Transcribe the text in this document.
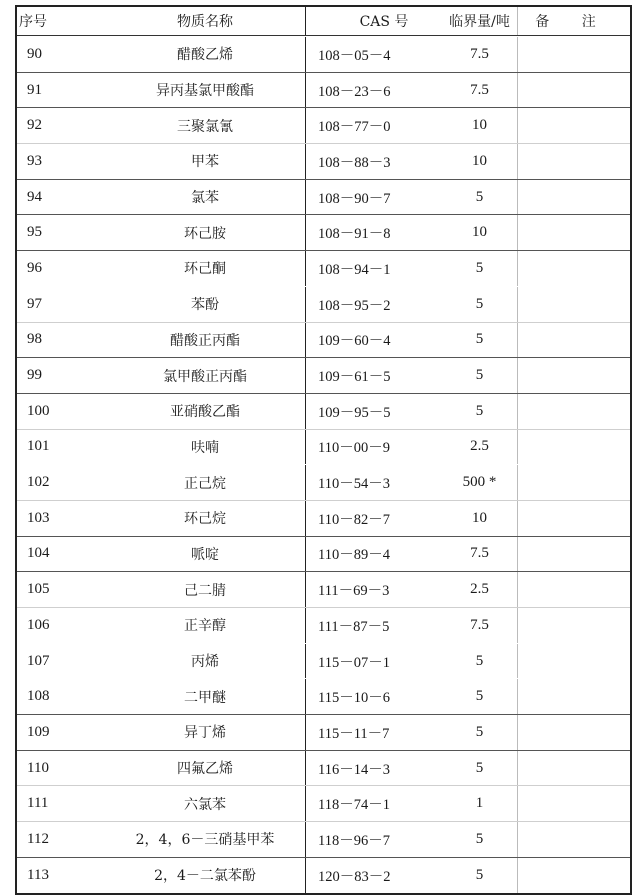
序号	物质名称	CAS 号	临界量/吨	备 注
90	醋酸乙烯	108－05－4	7.5
91	异丙基氯甲酸酯	108－23－6	7.5
92	三聚氯氰	108－77－0	10
93	甲苯	108－88－3	10
94	氯苯	108－90－7	5
95	环己胺	108－91－8	10
96	环己酮	108－94－1	5
97	苯酚	108－95－2	5
98	醋酸正丙酯	109－60－4	5
99	氯甲酸正丙酯	109－61－5	5
100	亚硝酸乙酯	109－95－5	5
101	呋喃	110－00－9	2.5
102	正己烷	110－54－3	500 *
103	环己烷	110－82－7	10
104	哌啶	110－89－4	7.5
105	己二腈	111－69－3	2.5
106	正辛醇	111－87－5	7.5
107	丙烯	115－07－1	5
108	二甲醚	115－10－6	5
109	异丁烯	115－11－7	5
110	四氟乙烯	116－14－3	5
111	六氯苯	118－74－1	1
112	2，4，6－三硝基甲苯	118－96－7	5
113	2，4－二氯苯酚	120－83－2	5
